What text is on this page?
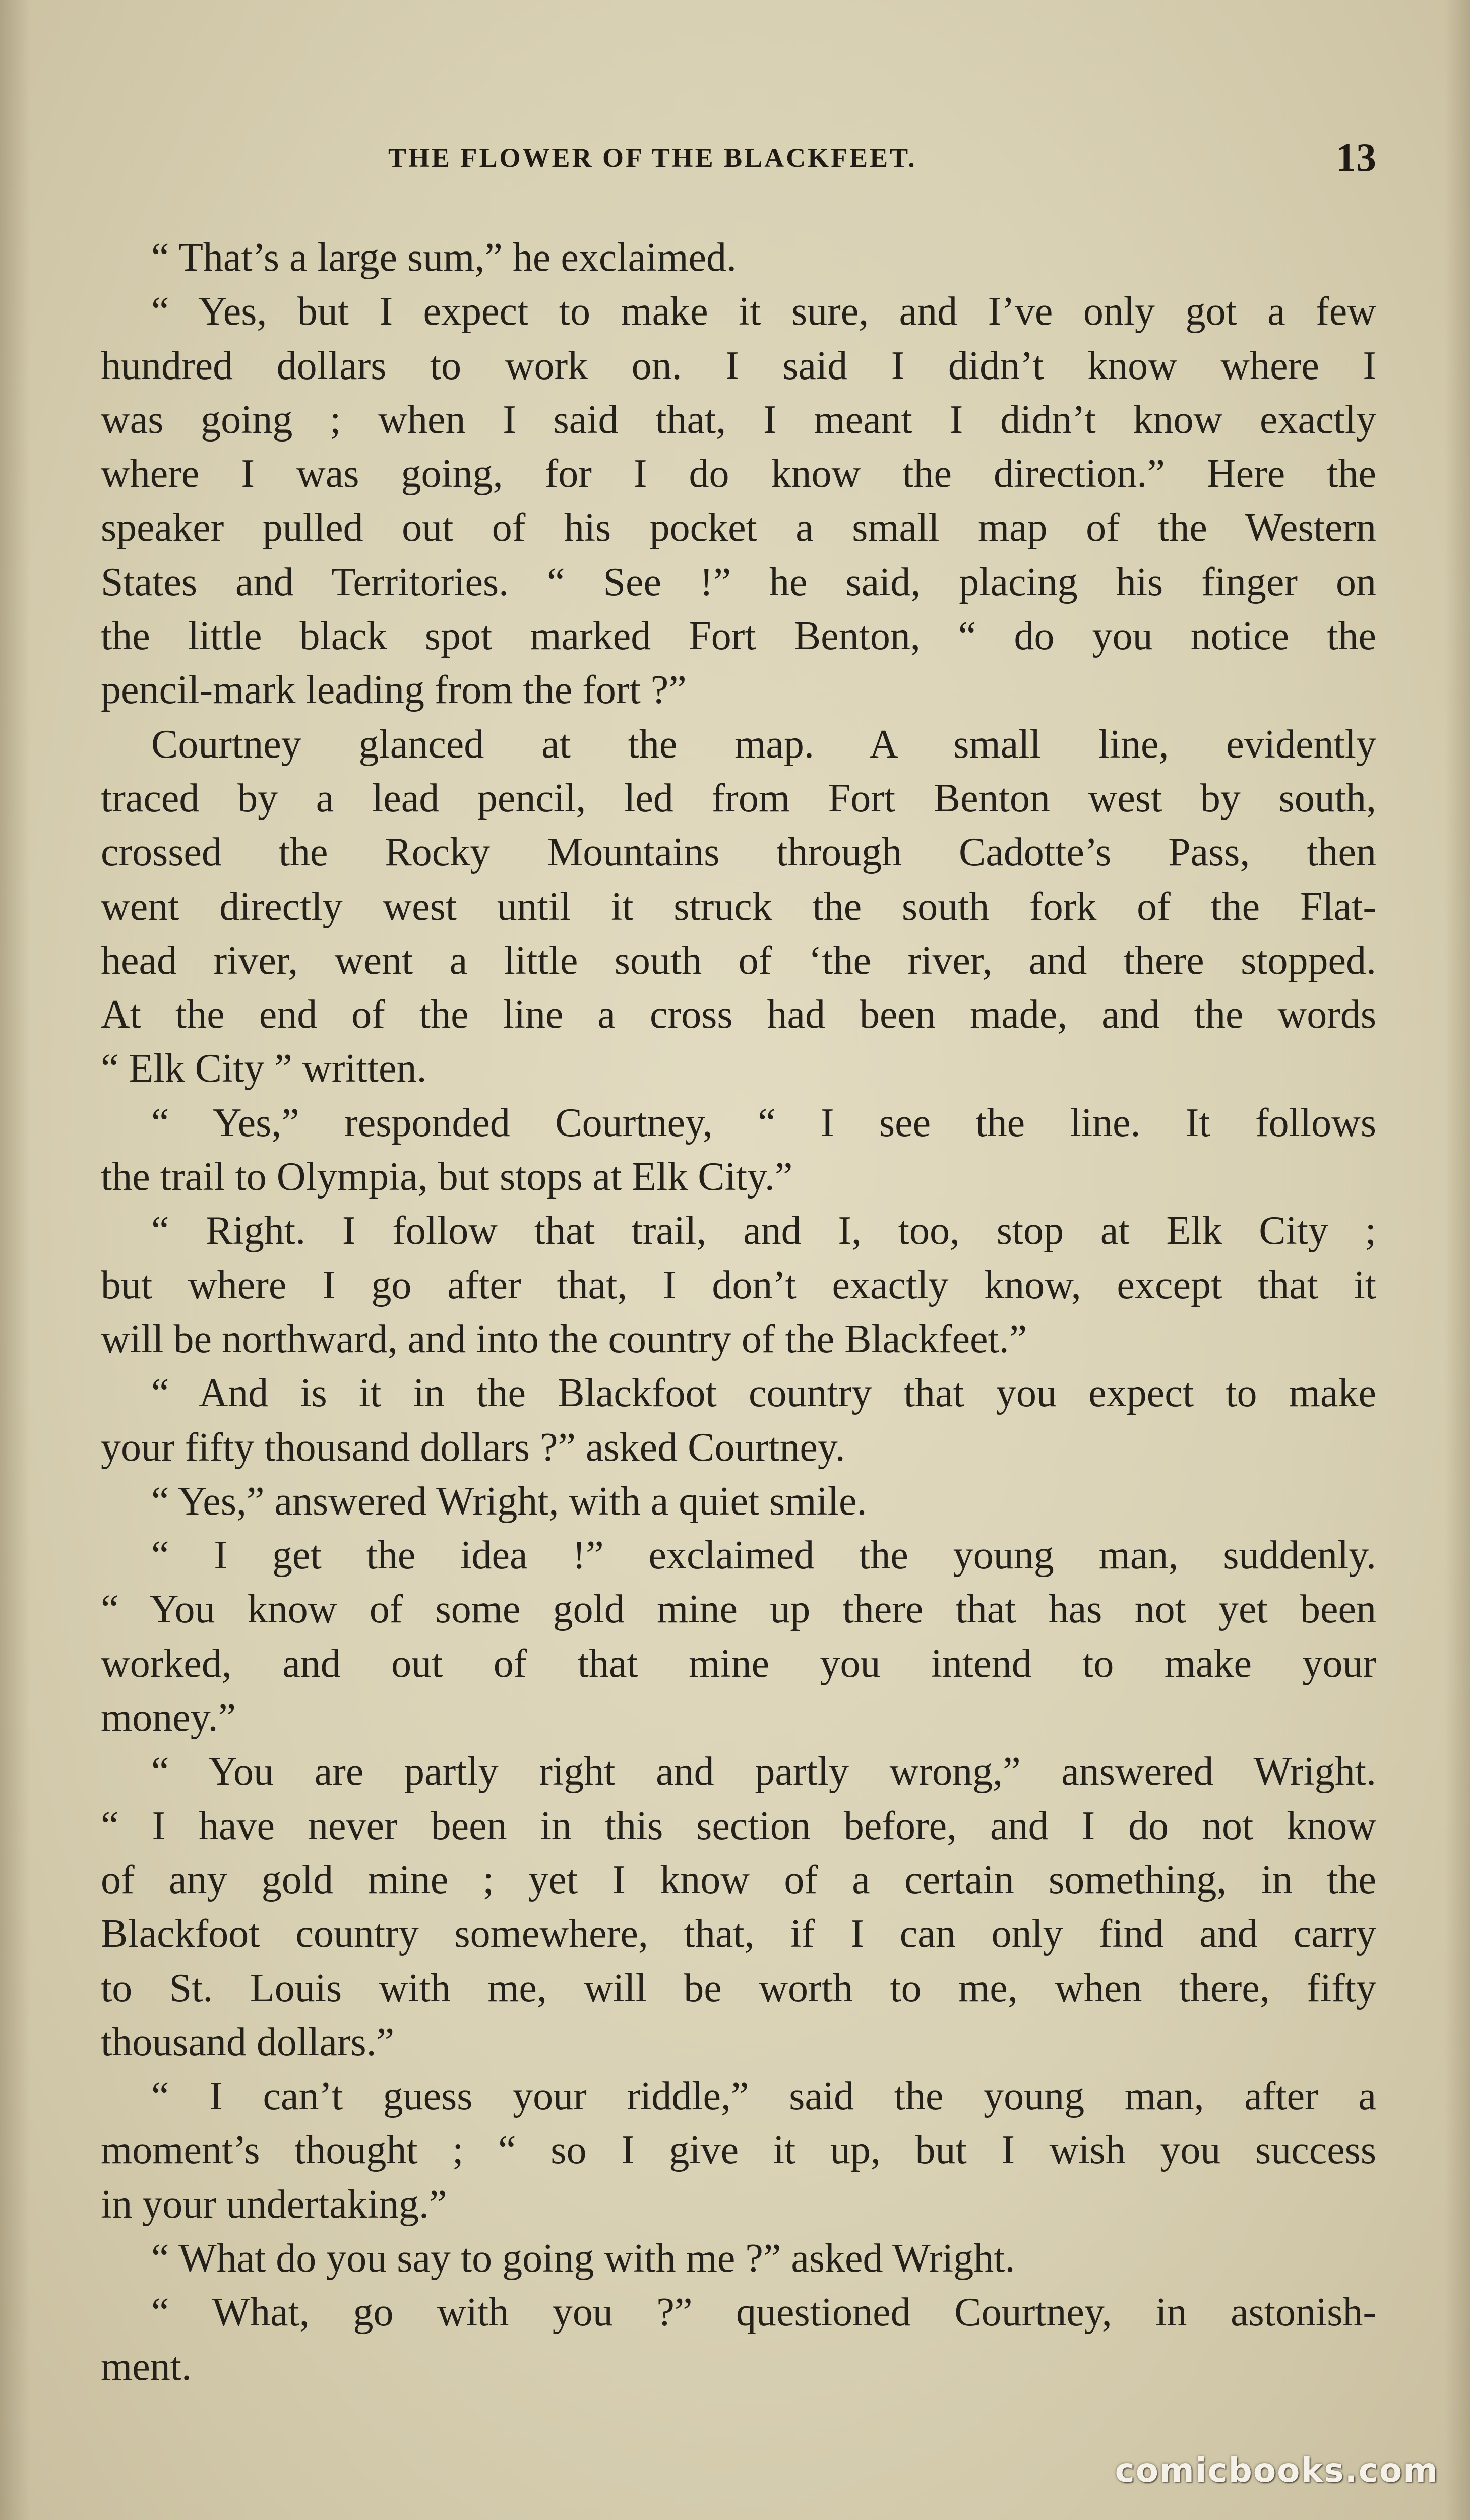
THE FLOWER OF THE BLACKFEET.	13
“ That’s a large sum,” he exclaimed.
“ Yes, but I expect to make it sure, and I’ve only got a few
hundred dollars to work on. I said I didn’t know where I
was going ; when I said that, I meant I didn’t know exactly
where I was going, for I do know the direction.” Here the
speaker pulled out of his pocket a small map of the Western
States and Territories. “ See !” he said, placing his finger on
the little black spot marked Fort Benton, “ do you notice the
pencil-mark leading from the fort ?”
Courtney glanced at the map. A small line, evidently
traced by a lead pencil, led from Fort Benton west by south,
crossed the Rocky Mountains through Cadotte’s Pass, then
went directly west until it struck the south fork of the Flat-
head river, went a little south of ‘the river, and there stopped.
At the end of the line a cross had been made, and the words
“ Elk City ” written.
“ Yes,” responded Courtney, “ I see the line. It follows
the trail to Olympia, but stops at Elk City.”
“ Right. I follow that trail, and I, too, stop at Elk City ;
but where I go after that, I don’t exactly know, except that it
will be northward, and into the country of the Blackfeet.”
“ And is it in the Blackfoot country that you expect to make
your fifty thousand dollars ?” asked Courtney.
“ Yes,” answered Wright, with a quiet smile.
“ I get the idea !” exclaimed the young man, suddenly.
“ You know of some gold mine up there that has not yet been
worked, and out of that mine you intend to make your
money.”
“ You are partly right and partly wrong,” answered Wright.
“ I have never been in this section before, and I do not know
of any gold mine ; yet I know of a certain something, in the
Blackfoot country somewhere, that, if I can only find and carry
to St. Louis with me, will be worth to me, when there, fifty
thousand dollars.”
“ I can’t guess your riddle,” said the young man, after a
moment’s thought ; “ so I give it up, but I wish you success
in your undertaking.”
“ What do you say to going with me ?” asked Wright.
“ What, go with you ?” questioned Courtney, in astonish-
ment.
comicbooks.com
